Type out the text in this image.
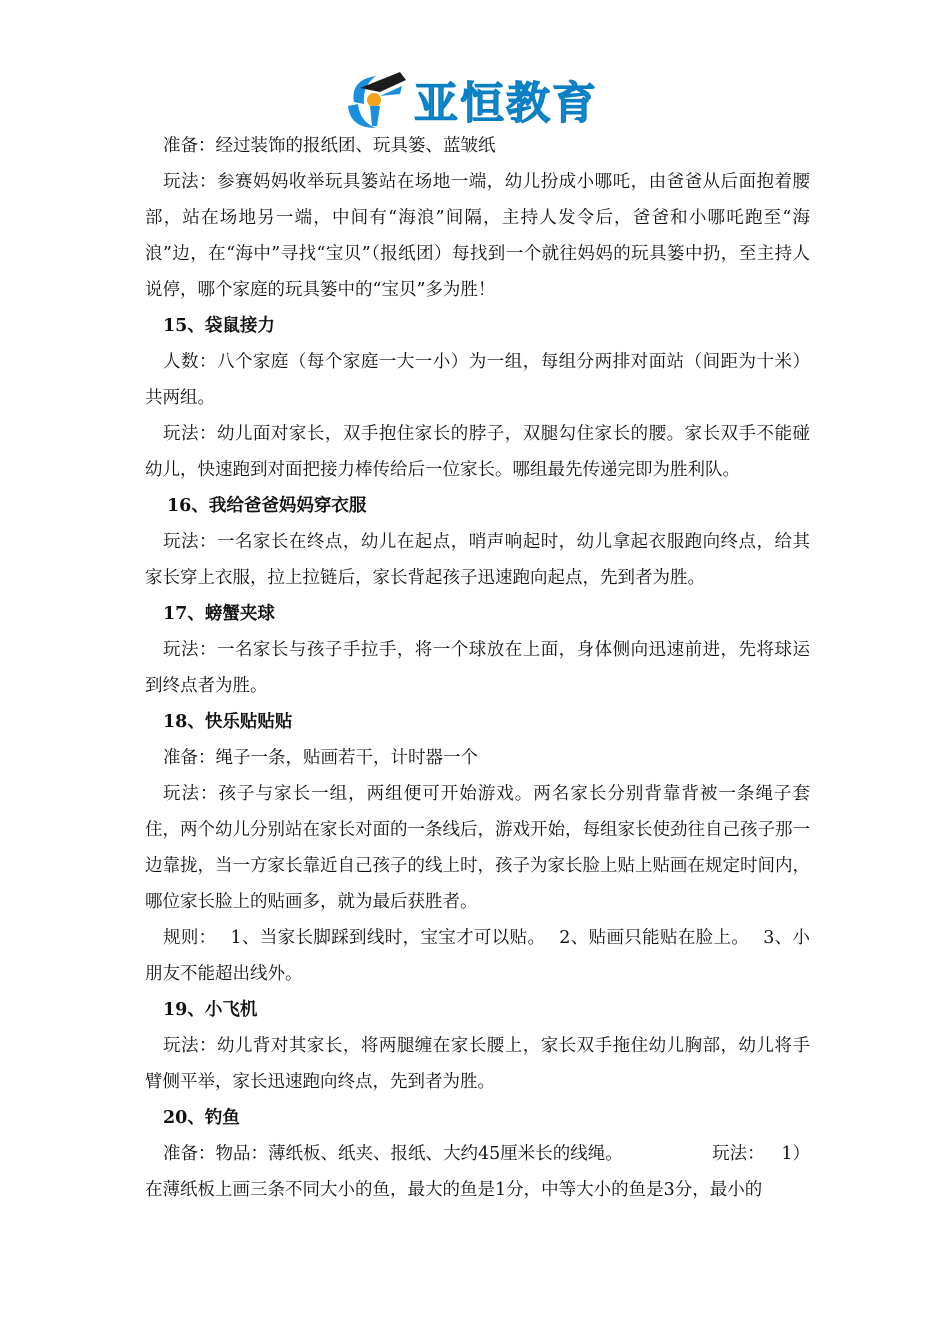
亚恒教育

准备：经过装饰的报纸团、玩具篓、蓝皱纸

玩法：参赛妈妈收举玩具篓站在场地一端，幼儿扮成小哪吒，由爸爸从后面抱着腰部，站在场地另一端，中间有“海浪”间隔，主持人发令后，爸爸和小哪吒跑至“海浪”边，在“海中”寻找“宝贝”（报纸团）每找到一个就往妈妈的玩具篓中扔，至主持人说停，哪个家庭的玩具篓中的“宝贝”多为胜！

15、袋鼠接力

人数：八个家庭（每个家庭一大一小）为一组，每组分两排对面站（间距为十米）共两组。

玩法：幼儿面对家长，双手抱住家长的脖子，双腿勾住家长的腰。家长双手不能碰幼儿，快速跑到对面把接力棒传给后一位家长。哪组最先传递完即为胜利队。

16、我给爸爸妈妈穿衣服

玩法：一名家长在终点，幼儿在起点，哨声响起时，幼儿拿起衣服跑向终点，给其家长穿上衣服，拉上拉链后，家长背起孩子迅速跑向起点，先到者为胜。

17、螃蟹夹球

玩法：一名家长与孩子手拉手，将一个球放在上面，身体侧向迅速前进，先将球运到终点者为胜。

18、快乐贴贴贴

准备：绳子一条，贴画若干，计时器一个

玩法：孩子与家长一组，两组便可开始游戏。两名家长分别背靠背被一条绳子套住，两个幼儿分别站在家长对面的一条线后，游戏开始，每组家长使劲往自己孩子那一边靠拢，当一方家长靠近自己孩子的线上时，孩子为家长脸上贴上贴画在规定时间内，哪位家长脸上的贴画多，就为最后获胜者。

规则： 1、当家长脚踩到线时，宝宝才可以贴。 2、贴画只能贴在脸上。 3、小朋友不能超出线外。

19、小飞机

玩法：幼儿背对其家长，将两腿缠在家长腰上，家长双手拖住幼儿胸部，幼儿将手臂侧平举，家长迅速跑向终点，先到者为胜。

20、钓鱼

准备：物品：薄纸板、纸夹、报纸、大约45厘米长的线绳。	玩法： 1）

在薄纸板上画三条不同大小的鱼，最大的鱼是1分，中等大小的鱼是3分，最小的
